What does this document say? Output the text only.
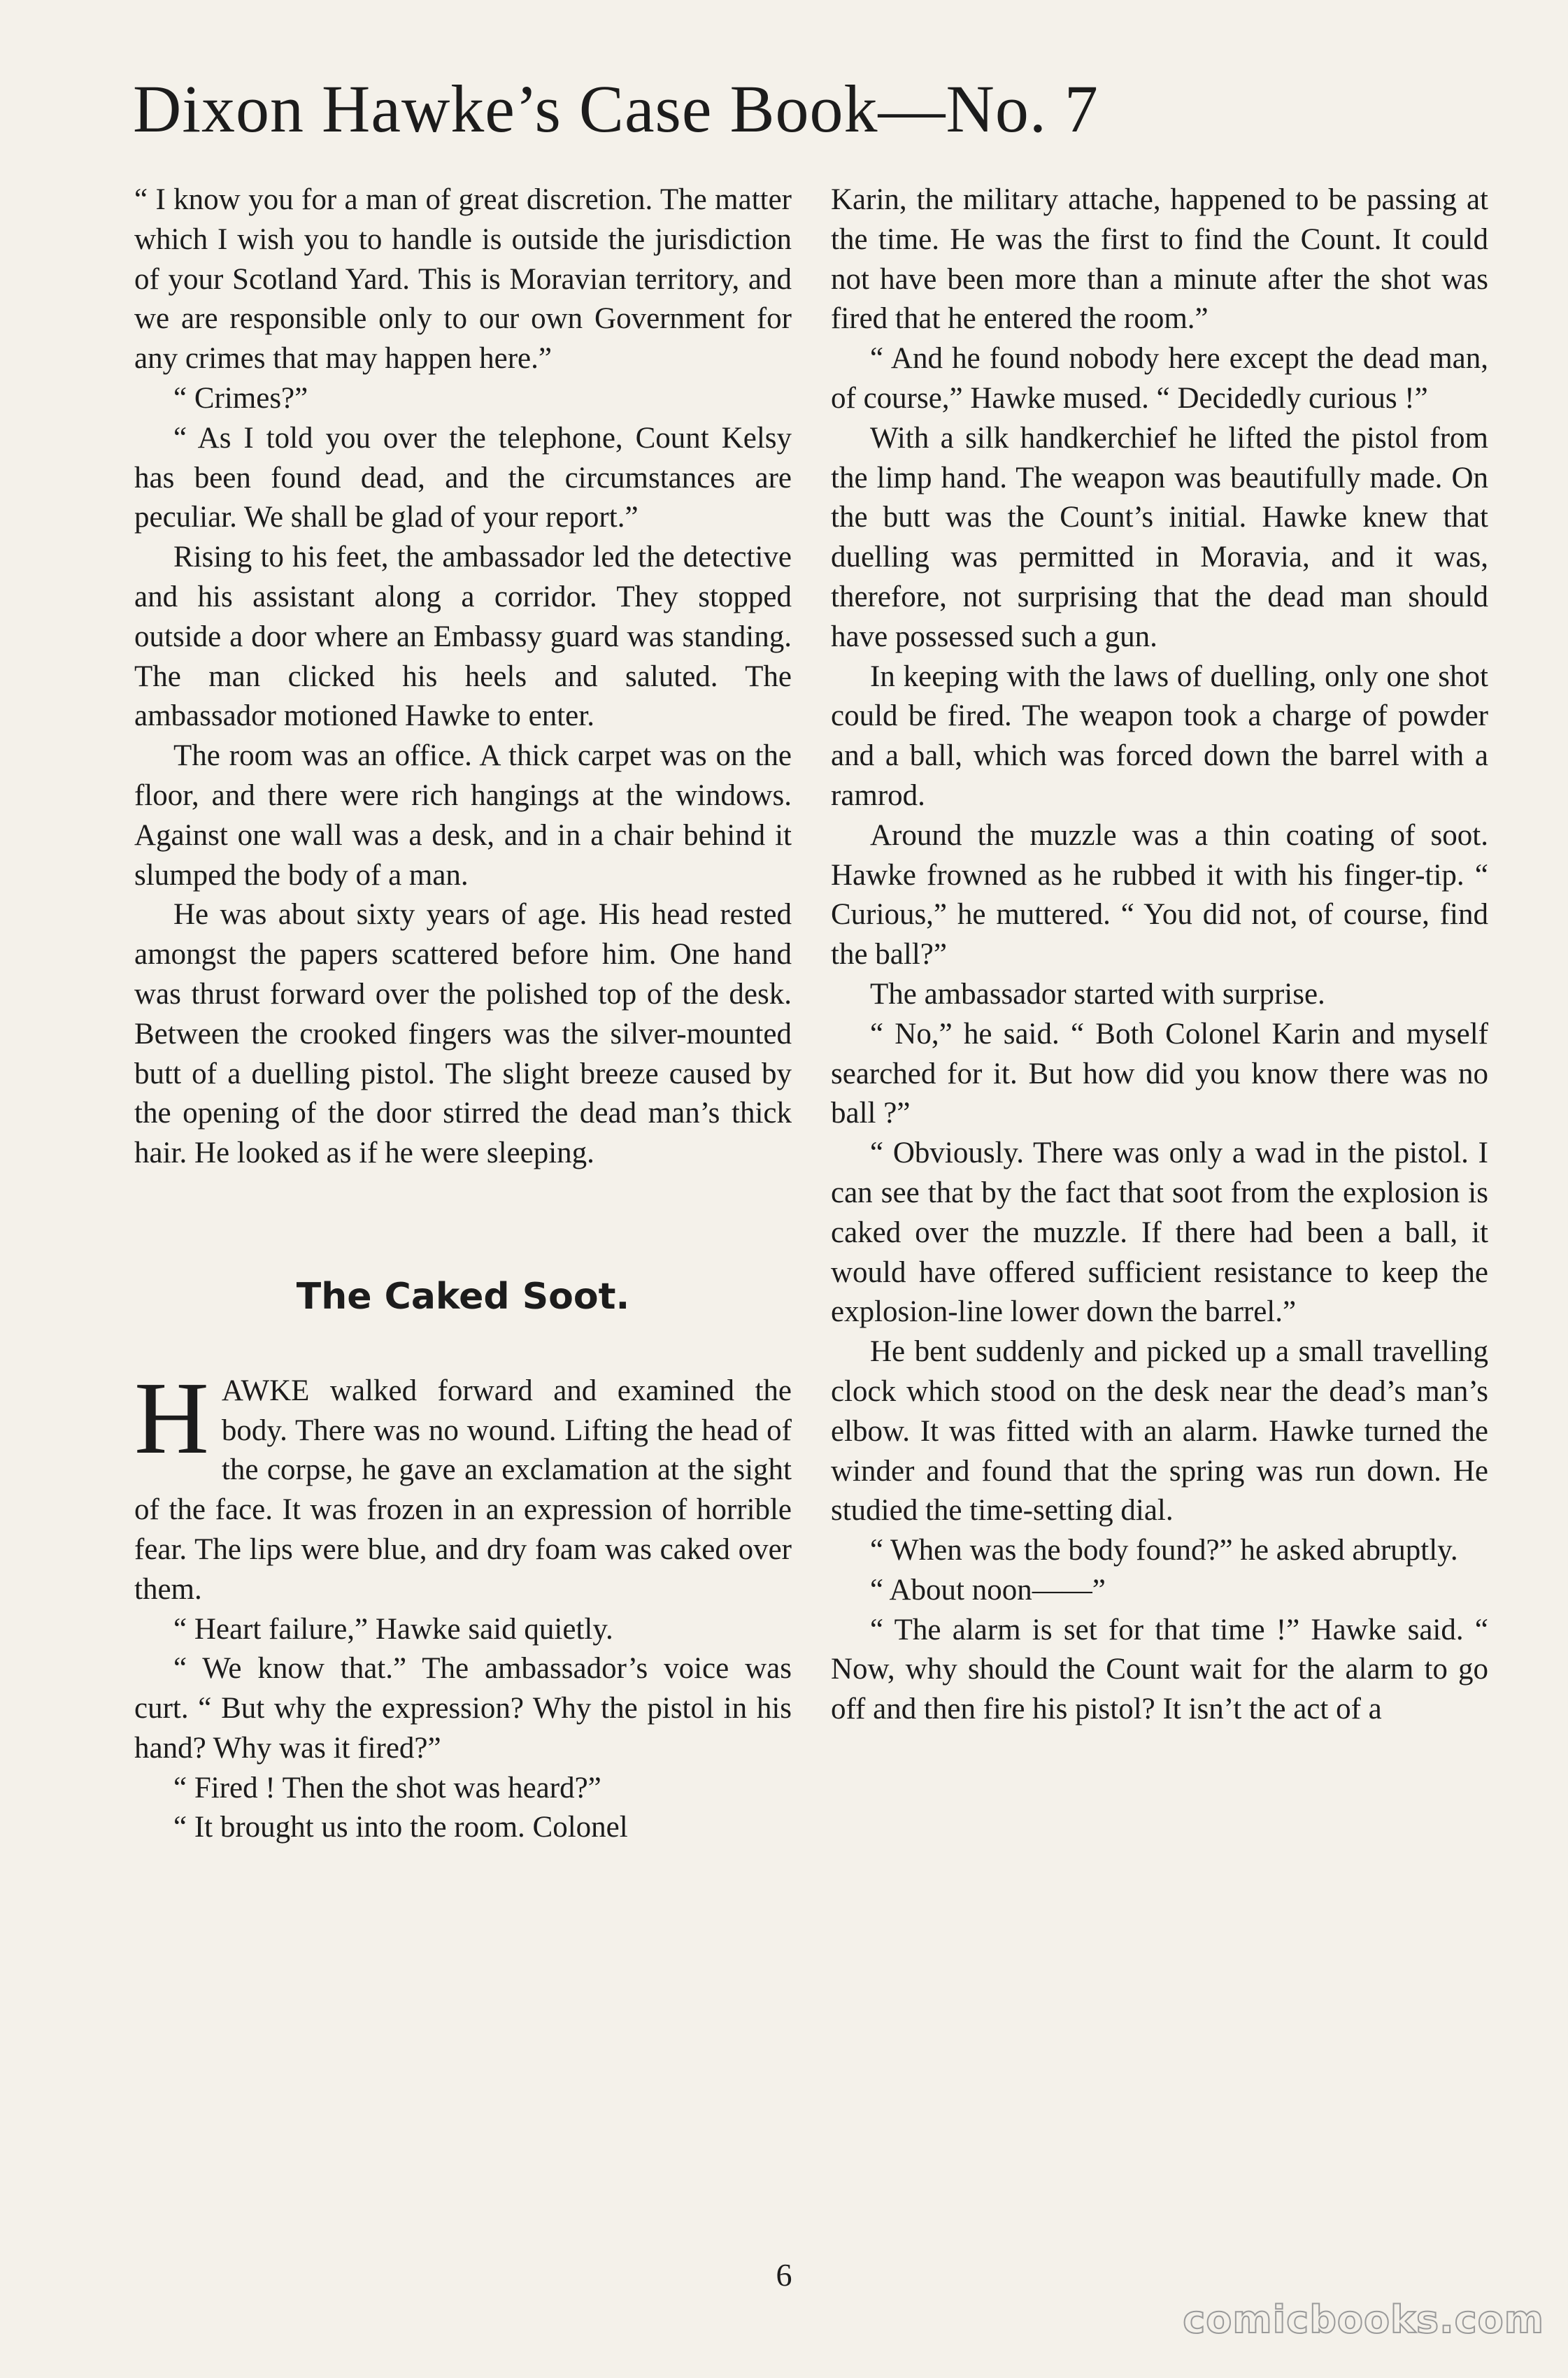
Dixon Hawke’s Case Book—No. 7

“ I know you for a man of great discretion. The matter which I wish you to handle is outside the jurisdiction of your Scotland Yard. This is Moravian territory, and we are responsible only to our own Government for any crimes that may happen here.”

“ Crimes?”

“ As I told you over the telephone, Count Kelsy has been found dead, and the circumstances are peculiar. We shall be glad of your report.”

Rising to his feet, the ambassador led the detective and his assistant along a corridor. They stopped outside a door where an Embassy guard was standing. The man clicked his heels and saluted. The ambassador motioned Hawke to enter.

The room was an office. A thick carpet was on the floor, and there were rich hangings at the windows. Against one wall was a desk, and in a chair behind it slumped the body of a man.

He was about sixty years of age. His head rested amongst the papers scattered before him. One hand was thrust forward over the polished top of the desk. Between the crooked fingers was the silver-mounted butt of a duelling pistol. The slight breeze caused by the opening of the door stirred the dead man’s thick hair. He looked as if he were sleeping.

The Caked Soot.

HAWKE walked forward and examined the body. There was no wound. Lifting the head of the corpse, he gave an exclamation at the sight of the face. It was frozen in an expression of horrible fear. The lips were blue, and dry foam was caked over them.

“ Heart failure,” Hawke said quietly.

“ We know that.” The ambassador’s voice was curt. “ But why the expression? Why the pistol in his hand? Why was it fired?”

“ Fired ! Then the shot was heard?”

“ It brought us into the room. Colonel

Karin, the military attache, happened to be passing at the time. He was the first to find the Count. It could not have been more than a minute after the shot was fired that he entered the room.”

“ And he found nobody here except the dead man, of course,” Hawke mused. “ Decidedly curious !”

With a silk handkerchief he lifted the pistol from the limp hand. The weapon was beautifully made. On the butt was the Count’s initial. Hawke knew that duelling was permitted in Moravia, and it was, therefore, not surprising that the dead man should have possessed such a gun.

In keeping with the laws of duelling, only one shot could be fired. The weapon took a charge of powder and a ball, which was forced down the barrel with a ramrod.

Around the muzzle was a thin coating of soot. Hawke frowned as he rubbed it with his finger-tip. “ Curious,” he muttered. “ You did not, of course, find the ball?”

The ambassador started with surprise.

“ No,” he said. “ Both Colonel Karin and myself searched for it. But how did you know there was no ball ?”

“ Obviously. There was only a wad in the pistol. I can see that by the fact that soot from the explosion is caked over the muzzle. If there had been a ball, it would have offered sufficient resistance to keep the explosion-line lower down the barrel.”

He bent suddenly and picked up a small travelling clock which stood on the desk near the dead’s man’s elbow. It was fitted with an alarm. Hawke turned the winder and found that the spring was run down. He studied the time-setting dial.

“ When was the body found?” he asked abruptly.

“ About noon——”

“ The alarm is set for that time !” Hawke said. “ Now, why should the Count wait for the alarm to go off and then fire his pistol? It isn’t the act of a

6
comicbooks.com
